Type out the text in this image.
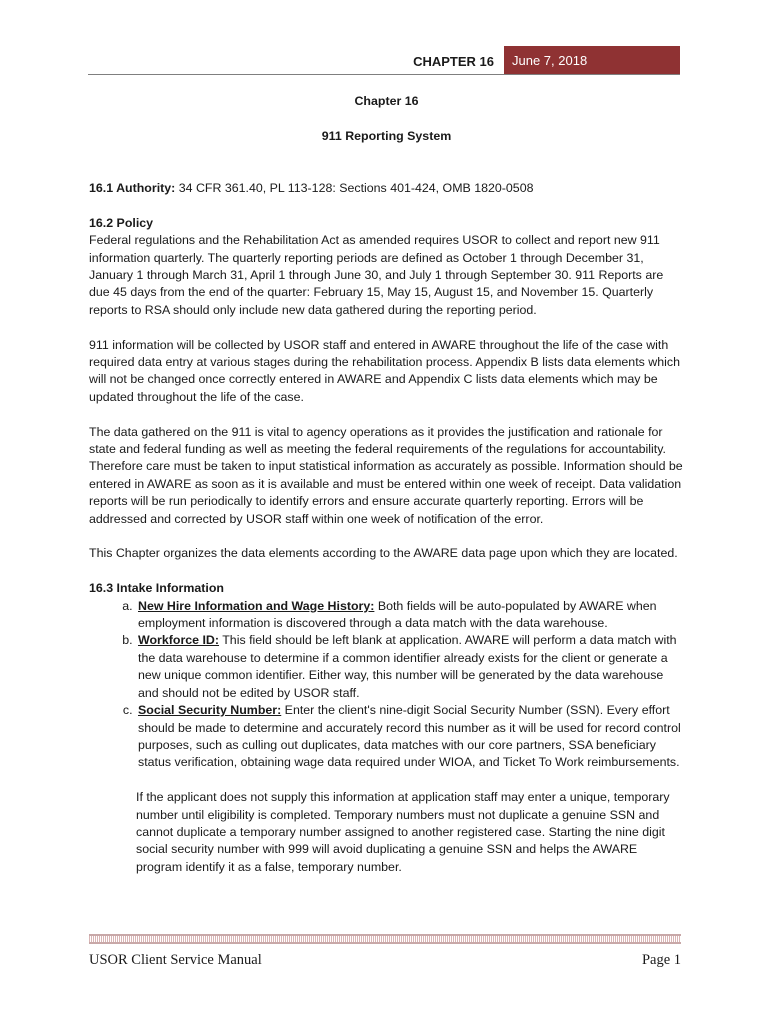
CHAPTER 16	June 7, 2018

Chapter 16

911 Reporting System

16.1 Authority: 34 CFR 361.40, PL 113-128: Sections 401-424, OMB 1820-0508

16.2 Policy

Federal regulations and the Rehabilitation Act as amended requires USOR to collect and report new 911 information quarterly. The quarterly reporting periods are defined as October 1 through December 31, January 1 through March 31, April 1 through June 30, and July 1 through September 30. 911 Reports are due 45 days from the end of the quarter: February 15, May 15, August 15, and November 15. Quarterly reports to RSA should only include new data gathered during the reporting period.

911 information will be collected by USOR staff and entered in AWARE throughout the life of the case with required data entry at various stages during the rehabilitation process. Appendix B lists data elements which will not be changed once correctly entered in AWARE and Appendix C lists data elements which may be updated throughout the life of the case.

The data gathered on the 911 is vital to agency operations as it provides the justification and rationale for state and federal funding as well as meeting the federal requirements of the regulations for accountability. Therefore care must be taken to input statistical information as accurately as possible. Information should be entered in AWARE as soon as it is available and must be entered within one week of receipt. Data validation reports will be run periodically to identify errors and ensure accurate quarterly reporting. Errors will be addressed and corrected by USOR staff within one week of notification of the error.

This Chapter organizes the data elements according to the AWARE data page upon which they are located.

16.3 Intake Information

a. New Hire Information and Wage History: Both fields will be auto-populated by AWARE when employment information is discovered through a data match with the data warehouse.
b. Workforce ID: This field should be left blank at application. AWARE will perform a data match with the data warehouse to determine if a common identifier already exists for the client or generate a new unique common identifier. Either way, this number will be generated by the data warehouse and should not be edited by USOR staff.
c. Social Security Number: Enter the client's nine-digit Social Security Number (SSN). Every effort should be made to determine and accurately record this number as it will be used for record control purposes, such as culling out duplicates, data matches with our core partners, SSA beneficiary status verification, obtaining wage data required under WIOA, and Ticket To Work reimbursements.

If the applicant does not supply this information at application staff may enter a unique, temporary number until eligibility is completed. Temporary numbers must not duplicate a genuine SSN and cannot duplicate a temporary number assigned to another registered case. Starting the nine digit social security number with 999 will avoid duplicating a genuine SSN and helps the AWARE program identify it as a false, temporary number.

USOR Client Service Manual	Page 1
